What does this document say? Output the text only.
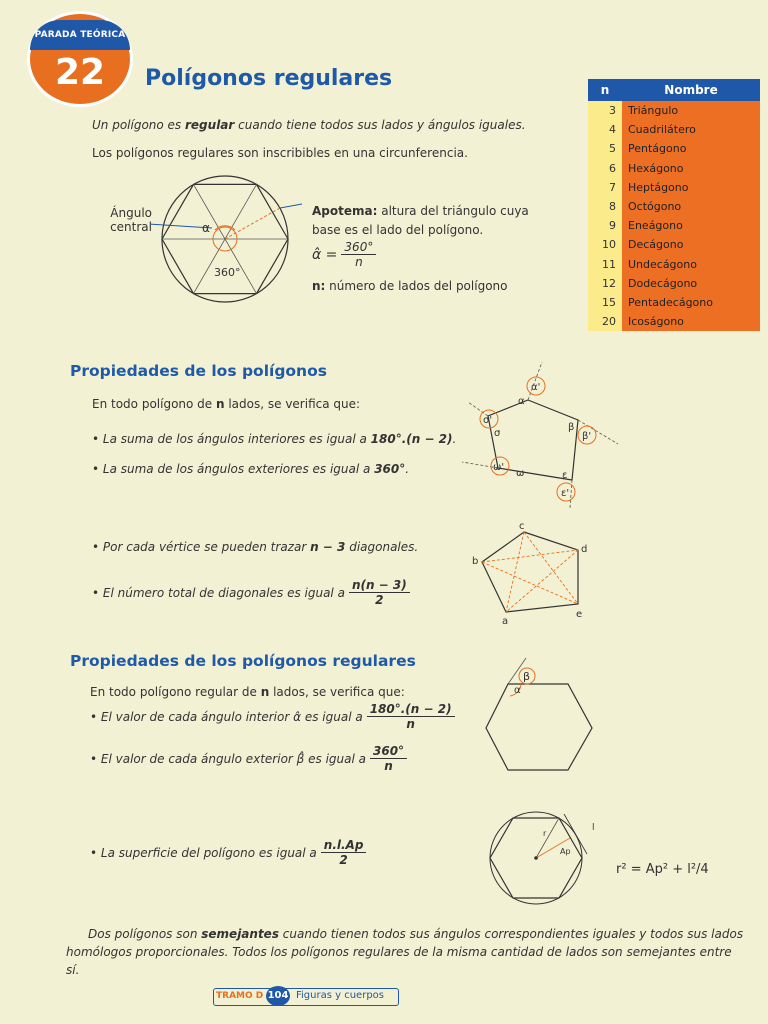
PARADA TEÓRICA
22	Polígonos regulares
Un polígono es regular cuando tiene todos sus lados y ángulos iguales.
Los polígonos regulares son inscribibles en una circunferencia.
Ángulo
central	α
360°
Apotema: altura del triángulo cuya
base es el lado del polígono.
α̂ = $\frac{360^\circ}{n}$
n: número de lados del polígono
n	Nombre
3	Triángulo
4	Cuadrilátero
5	Pentágono
6	Hexágono
7	Heptágono
8	Octógono
9	Eneágono
10	Decágono
11	Undecágono
12	Dodecágono
15	Pentadecágono
20	Icoságono
Propiedades de los polígonos
En todo polígono de n lados, se verifica que:
• La suma de los ángulos interiores es igual a 180°.(n − 2).
• La suma de los ángulos exteriores es igual a 360°.
• Por cada vértice se pueden trazar n − 3 diagonales.
• El número total de diagonales es igual a $\frac{n(n - 3)}{2}$
α'
α
σ'
σ
β
β'
ω'
ω	ε
ε'
c
d
e
a
b
Propiedades de los polígonos regulares
En todo polígono regular de n lados, se verifica que:
• El valor de cada ángulo interior α̂ es igual a $\frac{180^\circ.(n - 2)}{n}$
• El valor de cada ángulo exterior β̂ es igual a $\frac{360^\circ}{n}$
• La superficie del polígono es igual a $\frac{n.l.Ap}{2}$
β
α
r
l
Ap
r² = Ap² + l²/4
Dos polígonos son semejantes cuando tienen todos sus ángulos correspondientes iguales y todos sus lados
homólogos proporcionales. Todos los polígonos regulares de la misma cantidad de lados son semejantes entre sí.
TRAMO D 104 Figuras y cuerpos
